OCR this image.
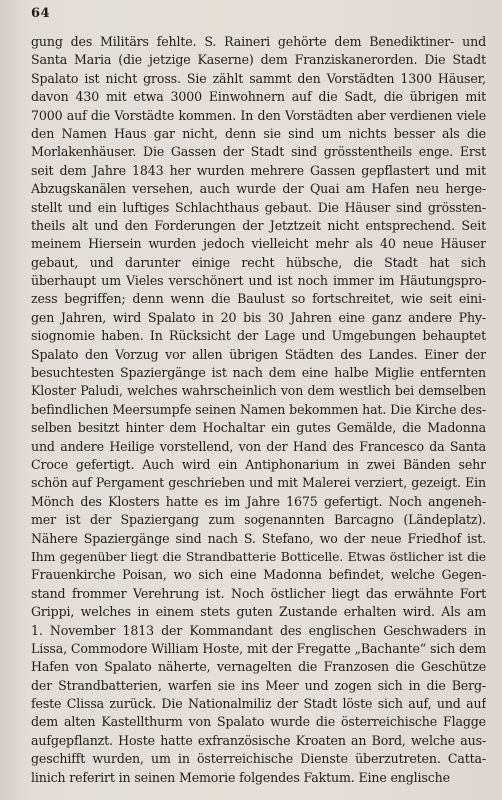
64
gung des Militärs fehlte. S. Raineri gehörte dem Benediktiner- und
Santa Maria (die jetzige Kaserne) dem Franziskanerorden. Die Stadt
Spalato ist nicht gross. Sie zählt sammt den Vorstädten 1300 Häuser,
davon 430 mit etwa 3000 Einwohnern auf die Sadt, die übrigen mit
7000 auf die Vorstädte kommen. In den Vorstädten aber verdienen viele
den Namen Haus gar nicht, denn sie sind um nichts besser als die
Morlakenhäuser. Die Gassen der Stadt sind grösstentheils enge. Erst
seit dem Jahre 1843 her wurden mehrere Gassen gepflastert und mit
Abzugskanälen versehen, auch wurde der Quai am Hafen neu herge-
stellt und ein luftiges Schlachthaus gebaut. Die Häuser sind grössten-
theils alt und den Forderungen der Jetztzeit nicht entsprechend. Seit
meinem Hiersein wurden jedoch vielleicht mehr als 40 neue Häuser
gebaut, und darunter einige recht hübsche, die Stadt hat sich
überhaupt um Vieles verschönert und ist noch immer im Häutungspro-
zess begriffen; denn wenn die Baulust so fortschreitet, wie seit eini-
gen Jahren, wird Spalato in 20 bis 30 Jahren eine ganz andere Phy-
siognomie haben. In Rücksicht der Lage und Umgebungen behauptet
Spalato den Vorzug vor allen übrigen Städten des Landes. Einer der
besuchtesten Spaziergänge ist nach dem eine halbe Miglie entfernten
Kloster Paludi, welches wahrscheinlich von dem westlich bei demselben
befindlichen Meersumpfe seinen Namen bekommen hat. Die Kirche des-
selben besitzt hinter dem Hochaltar ein gutes Gemälde, die Madonna
und andere Heilige vorstellend, von der Hand des Francesco da Santa
Croce gefertigt. Auch wird ein Antiphonarium in zwei Bänden sehr
schön auf Pergament geschrieben und mit Malerei verziert, gezeigt. Ein
Mönch des Klosters hatte es im Jahre 1675 gefertigt. Noch angeneh-
mer ist der Spaziergang zum sogenannten Barcagno (Ländeplatz).
Nähere Spaziergänge sind nach S. Stefano, wo der neue Friedhof ist.
Ihm gegenüber liegt die Strandbatterie Botticelle. Etwas östlicher ist die
Frauenkirche Poisan, wo sich eine Madonna befindet, welche Gegen-
stand frommer Verehrung ist. Noch östlicher liegt das erwähnte Fort
Grippi, welches in einem stets guten Zustande erhalten wird. Als am
1. November 1813 der Kommandant des englischen Geschwaders in
Lissa, Commodore William Hoste, mit der Fregatte „Bachante“ sich dem
Hafen von Spalato näherte, vernagelten die Franzosen die Geschütze
der Strandbatterien, warfen sie ins Meer und zogen sich in die Berg-
feste Clissa zurück. Die Nationalmiliz der Stadt löste sich auf, und auf
dem alten Kastellthurm von Spalato wurde die österreichische Flagge
aufgepflanzt. Hoste hatte exfranzösische Kroaten an Bord, welche aus-
geschifft wurden, um in österreichische Dienste überzutreten. Catta-
linich referirt in seinen Memorie folgendes Faktum. Eine englische
